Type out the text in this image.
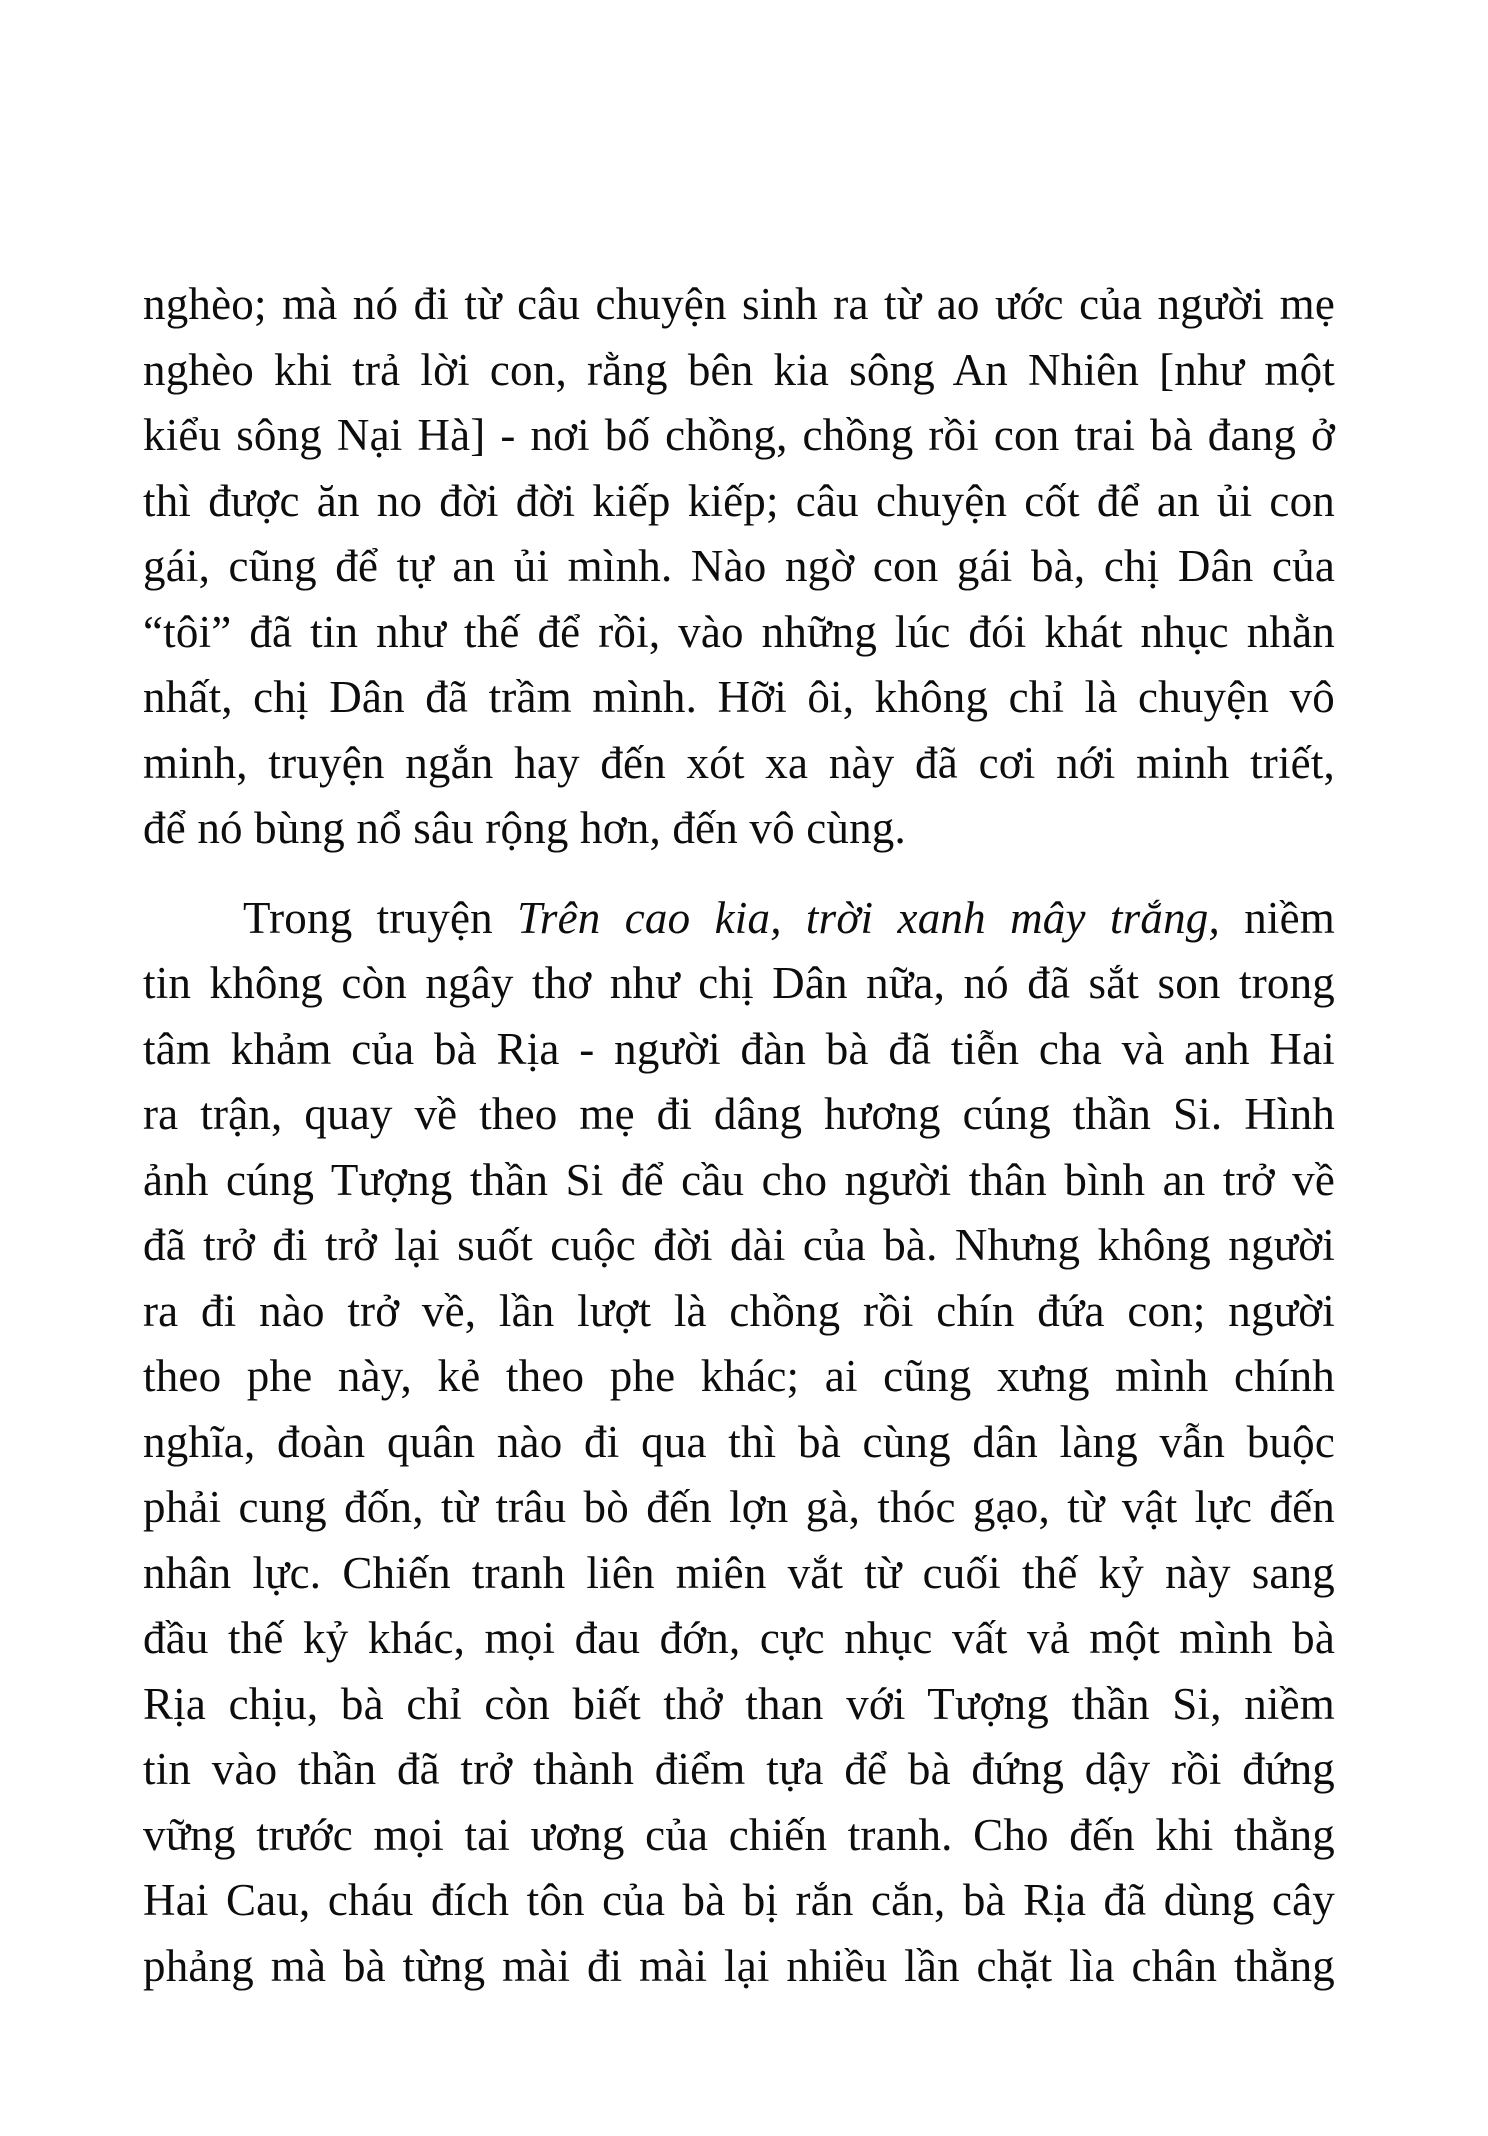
nghèo; mà nó đi từ câu chuyện sinh ra từ ao ước của người mẹ
nghèo khi trả lời con, rằng bên kia sông An Nhiên [như một
kiểu sông Nại Hà] - nơi bố chồng, chồng rồi con trai bà đang ở
thì được ăn no đời đời kiếp kiếp; câu chuyện cốt để an ủi con
gái, cũng để tự an ủi mình. Nào ngờ con gái bà, chị Dân của
“tôi” đã tin như thế để rồi, vào những lúc đói khát nhục nhằn
nhất, chị Dân đã trầm mình. Hỡi ôi, không chỉ là chuyện vô
minh, truyện ngắn hay đến xót xa này đã cơi nới minh triết,
để nó bùng nổ sâu rộng hơn, đến vô cùng.
Trong truyện Trên cao kia, trời xanh mây trắng, niềm
tin không còn ngây thơ như chị Dân nữa, nó đã sắt son trong
tâm khảm của bà Rịa - người đàn bà đã tiễn cha và anh Hai
ra trận, quay về theo mẹ đi dâng hương cúng thần Si. Hình
ảnh cúng Tượng thần Si để cầu cho người thân bình an trở về
đã trở đi trở lại suốt cuộc đời dài của bà. Nhưng không người
ra đi nào trở về, lần lượt là chồng rồi chín đứa con; người
theo phe này, kẻ theo phe khác; ai cũng xưng mình chính
nghĩa, đoàn quân nào đi qua thì bà cùng dân làng vẫn buộc
phải cung đốn, từ trâu bò đến lợn gà, thóc gạo, từ vật lực đến
nhân lực. Chiến tranh liên miên vắt từ cuối thế kỷ này sang
đầu thế kỷ khác, mọi đau đớn, cực nhục vất vả một mình bà
Rịa chịu, bà chỉ còn biết thở than với Tượng thần Si, niềm
tin vào thần đã trở thành điểm tựa để bà đứng dậy rồi đứng
vững trước mọi tai ương của chiến tranh. Cho đến khi thằng
Hai Cau, cháu đích tôn của bà bị rắn cắn, bà Rịa đã dùng cây
phảng mà bà từng mài đi mài lại nhiều lần chặt lìa chân thằng
